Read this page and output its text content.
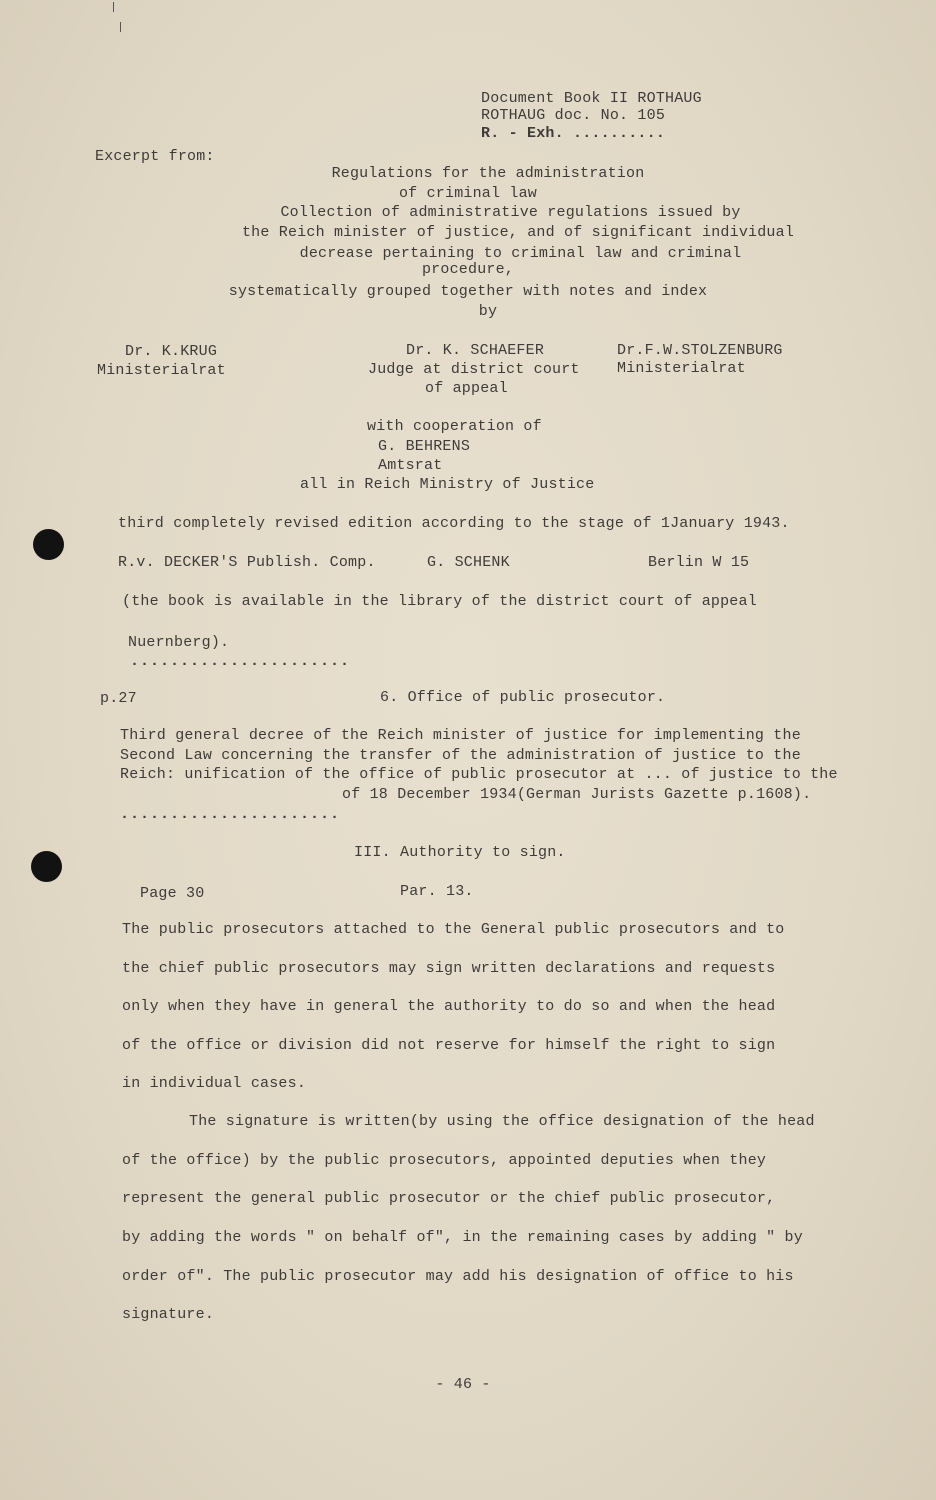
Document Book II ROTHAUG
ROTHAUG doc. No. 105
R. - Exh. ..........
Excerpt from:
Regulations for the administration
of criminal law
Collection of administrative regulations issued by
the Reich minister of justice, and of significant individual
decrease pertaining to criminal law and criminal
procedure,
systematically grouped together with notes and index
by
Dr. K.KRUG
Ministerialrat
Dr. K. SCHAEFER
Judge at district court
of appeal
Dr.F.W.STOLZENBURG
Ministerialrat
with cooperation of
G. BEHRENS
Amtsrat
all in Reich Ministry of Justice
third completely revised edition according to the stage of 1January 1943.
R.v. DECKER'S Publish. Comp.	G. SCHENK	Berlin W 15
(the book is available in the library of the district court of appeal
Nuernberg).
......................
p.27	6. Office of public prosecutor.
Third general decree of the Reich minister of justice for implementing the
Second Law concerning the transfer of the administration of justice to the
Reich: unification of the office of public prosecutor at ... of justice to the
of 18 December 1934(German Jurists Gazette p.1608).
......................
III. Authority to sign.
Page 30	Par. 13.
The public prosecutors attached to the General public prosecutors and to
the chief public prosecutors may sign written declarations and requests
only when they have in general the authority to do so and when the head
of the office or division did not reserve for himself the right to sign
in individual cases.
The signature is written(by using the office designation of the head
of the office) by the public prosecutors, appointed deputies when they
represent the general public prosecutor or the chief public prosecutor,
by adding the words " on behalf of", in the remaining cases by adding " by
order of". The public prosecutor may add his designation of office to his
signature.
- 46 -
